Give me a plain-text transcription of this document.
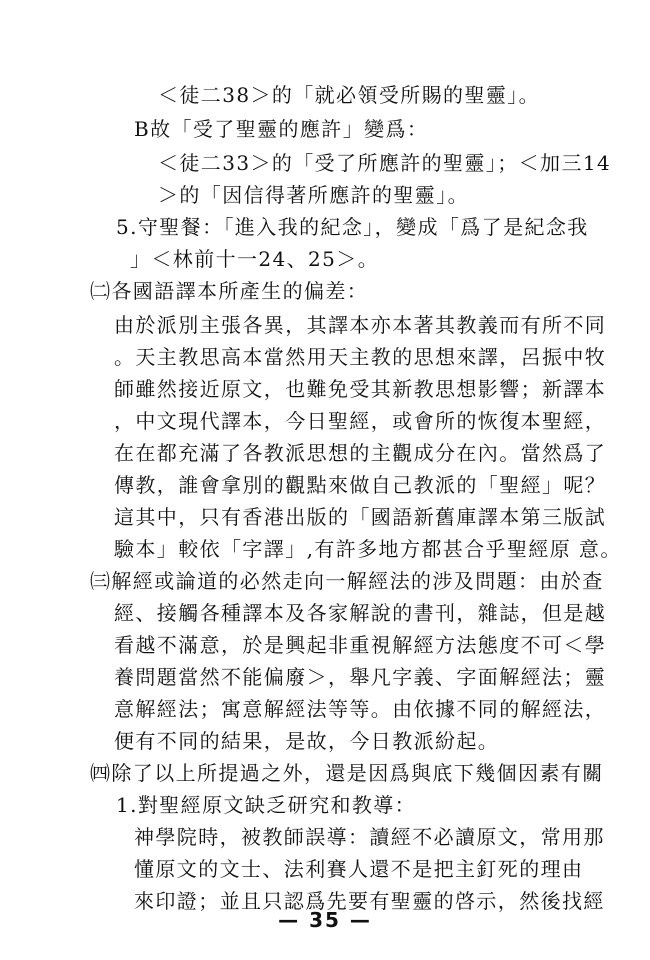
＜徒二38＞的「就必領受所賜的聖靈」。
B故「受了聖靈的應許」變爲：
＜徒二33＞的「受了所應許的聖靈」；＜加三14
＞的「因信得著所應許的聖靈」。
5.守聖餐：「進入我的紀念」，變成「爲了是紀念我
」＜林前十一24、25＞。
㈡各國語譯本所產生的偏差：
由於派別主張各異，其譯本亦本著其教義而有所不同
。天主教思高本當然用天主教的思想來譯，呂振中牧
師雖然接近原文，也難免受其新教思想影響；新譯本
，中文現代譯本，今日聖經，或會所的恢復本聖經，
在在都充滿了各教派思想的主觀成分在內。當然爲了
傳教，誰會拿別的觀點來做自己教派的「聖經」呢？
這其中，只有香港出版的「國語新舊庫譯本第三版試
驗本」較依「字譯」,有許多地方都甚合乎聖經原 意。
㈢解經或論道的必然走向一解經法的涉及問題：由於查
經、接觸各種譯本及各家解說的書刊，雜誌，但是越
看越不滿意，於是興起非重視解經方法態度不可＜學
養問題當然不能偏廢＞，舉凡字義、字面解經法；靈
意解經法；寓意解經法等等。由依據不同的解經法，
便有不同的結果，是故，今日教派紛起。
㈣除了以上所提過之外，還是因爲與底下幾個因素有關
1.對聖經原文缺乏研究和教導：
神學院時，被教師誤導：讀經不必讀原文，常用那
懂原文的文士、法利賽人還不是把主釘死的理由
來印證；並且只認爲先要有聖靈的啓示，然後找經
— 35 —
